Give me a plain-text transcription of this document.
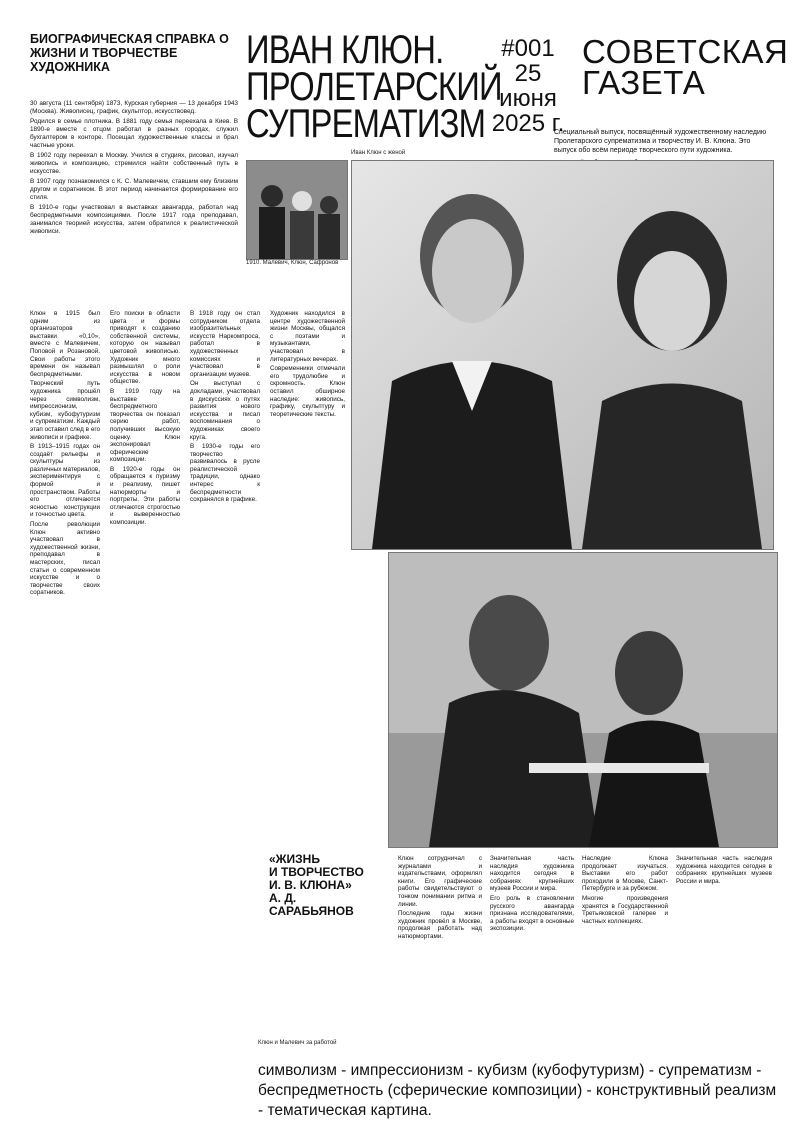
БИОГРАФИЧЕСКАЯ СПРАВКА О ЖИЗНИ И ТВОРЧЕСТВЕ ХУДОЖНИКА	ИВАН КЛЮН.
ПРОЛЕТАРСКИЙ
СУПРЕМАТИЗМ
#001
25
июня
2025 г.
СОВЕТСКАЯ
ГАЗЕТА

Специальный выпуск, посвящённый художественному наследию Пролетарского супрематизма и творчеству И. В. Клюна. Это выпуск обо всём периоде творческого пути художника.

30 августа (11 сентября) 1873, Курская губерния — 13 декабря 1943 (Москва). Живописец, график, скульптор, искусствовед.

Родился в семье плотника. В 1881 году семья переехала в Киев. В 1890-е вместе с отцом работал в разных городах, служил бухгалтером в конторе. Посещал художественные классы и брал частные уроки.

В 1902 году переехал в Москву. Учился в студиях, рисовал, изучал живопись и композицию, стремился найти собственный путь в искусстве.

В 1907 году познакомился с К. С. Малевичем, ставшим ему близким другом и соратником. В этот период начинается формирование его стиля.

В 1910-е годы участвовал в выставках авангарда, работал над беспредметными композициями. После 1917 года преподавал, занимался теорией искусства, затем обратился к реалистической живописи.

1910. Малевич, Клюн, Сафронов
Иван Клюн с женой
Клюн и Малевич за работой

Клюн в 1915 был одним из организаторов выставки «0,10», вместе с Малевичем, Поповой и Розановой. Свои работы этого времени он называл беспредметными.

Творческий путь художника прошёл через символизм, импрессионизм, кубизм, кубофутуризм и супрематизм. Каждый этап оставил след в его живописи и графике.

В 1913–1915 годах он создаёт рельефы и скульптуры из различных материалов, экспериментируя с формой и пространством. Работы его отличаются ясностью конструкции и точностью цвета.

После революции Клюн активно участвовал в художественной жизни, преподавал в мастерских, писал статьи о современном искусстве и о творчестве своих соратников.

Его поиски в области цвета и формы приводят к созданию собственной системы, которую он называл цветовой живописью. Художник много размышлял о роли искусства в новом обществе.

В 1919 году на выставке беспредметного творчества он показал серию работ, получивших высокую оценку. Клюн экспонировал сферические композиции.

В 1920-е годы он обращается к пуризму и реализму, пишет натюрморты и портреты. Эти работы отличаются строгостью и выверенностью композиции.

В 1918 году он стал сотрудником отдела изобразительных искусств Наркомпроса, работал в художественных комиссиях и участвовал в организации музеев.

Он выступал с докладами, участвовал в дискуссиях о путях развития нового искусства и писал воспоминания о художниках своего круга.

В 1930-е годы его творчество развивалось в русле реалистической традиции, однако интерес к беспредметности сохранялся в графике.

Художник находился в центре художественной жизни Москвы, общался с поэтами и музыкантами, участвовал в литературных вечерах.

Современники отмечали его трудолюбие и скромность. Клюн оставил обширное наследие: живопись, графику, скульптуру и теоретические тексты.

«ЖИЗНЬ
И ТВОРЧЕСТВО
И. В. КЛЮНА»
А. Д.
САРАБЬЯНОВ

Клюн сотрудничал с журналами и издательствами, оформлял книги. Его графические работы свидетельствуют о тонком понимании ритма и линии.

Последние годы жизни художник провёл в Москве, продолжая работать над натюрмортами.

Значительная часть наследия художника находится сегодня в собраниях крупнейших музеев России и мира.

Его роль в становлении русского авангарда признана исследователями, а работы входят в основные экспозиции.

Наследие Клюна продолжает изучаться. Выставки его работ проходили в Москве, Санкт-Петербурге и за рубежом.

Многие произведения хранятся в Государственной Третьяковской галерее и частных коллекциях.

Значительная часть наследия художника находится сегодня в собраниях крупнейших музеев России и мира.

символизм - импрессионизм - кубизм (кубофутуризм) - супрематизм - беспредметность (сферические композиции) - конструктивный реализм - тематическая картина.
